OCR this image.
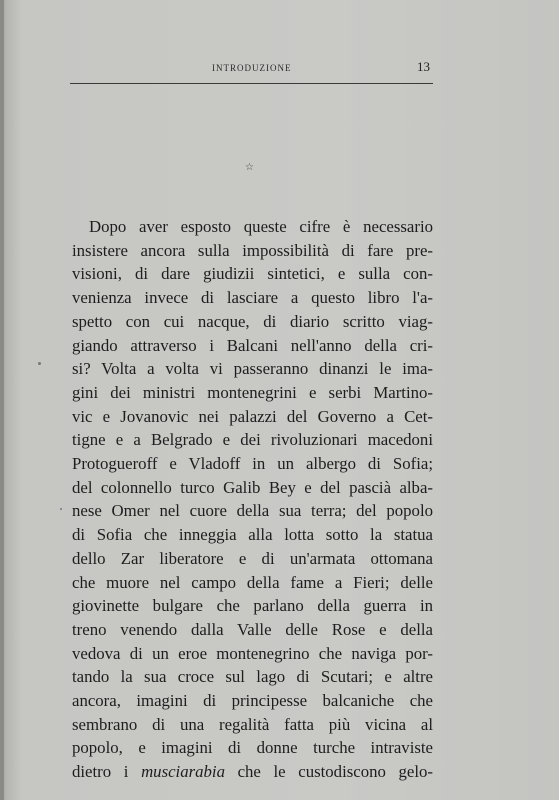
INTRODUZIONE	13
☆
Dopo aver esposto queste cifre è necessario
insistere ancora sulla impossibilità di fare pre-
visioni, di dare giudizii sintetici, e sulla con-
venienza invece di lasciare a questo libro l'a-
spetto con cui nacque, di diario scritto viag-
giando attraverso i Balcani nell'anno della cri-
si? Volta a volta vi passeranno dinanzi le ima-
gini dei ministri montenegrini e serbi Martino-
vic e Jovanovic nei palazzi del Governo a Cet-
tigne e a Belgrado e dei rivoluzionari macedoni
Protogueroff e Vladoff in un albergo di Sofia;
del colonnello turco Galib Bey e del pascià alba-
nese Omer nel cuore della sua terra; del popolo
di Sofia che inneggia alla lotta sotto la statua
dello Zar liberatore e di un'armata ottomana
che muore nel campo della fame a Fieri; delle
giovinette bulgare che parlano della guerra in
treno venendo dalla Valle delle Rose e della
vedova di un eroe montenegrino che naviga por-
tando la sua croce sul lago di Scutari; e altre
ancora, imagini di principesse balcaniche che
sembrano di una regalità fatta più vicina al
popolo, e imagini di donne turche intraviste
dietro i musciarabia che le custodiscono gelo-
